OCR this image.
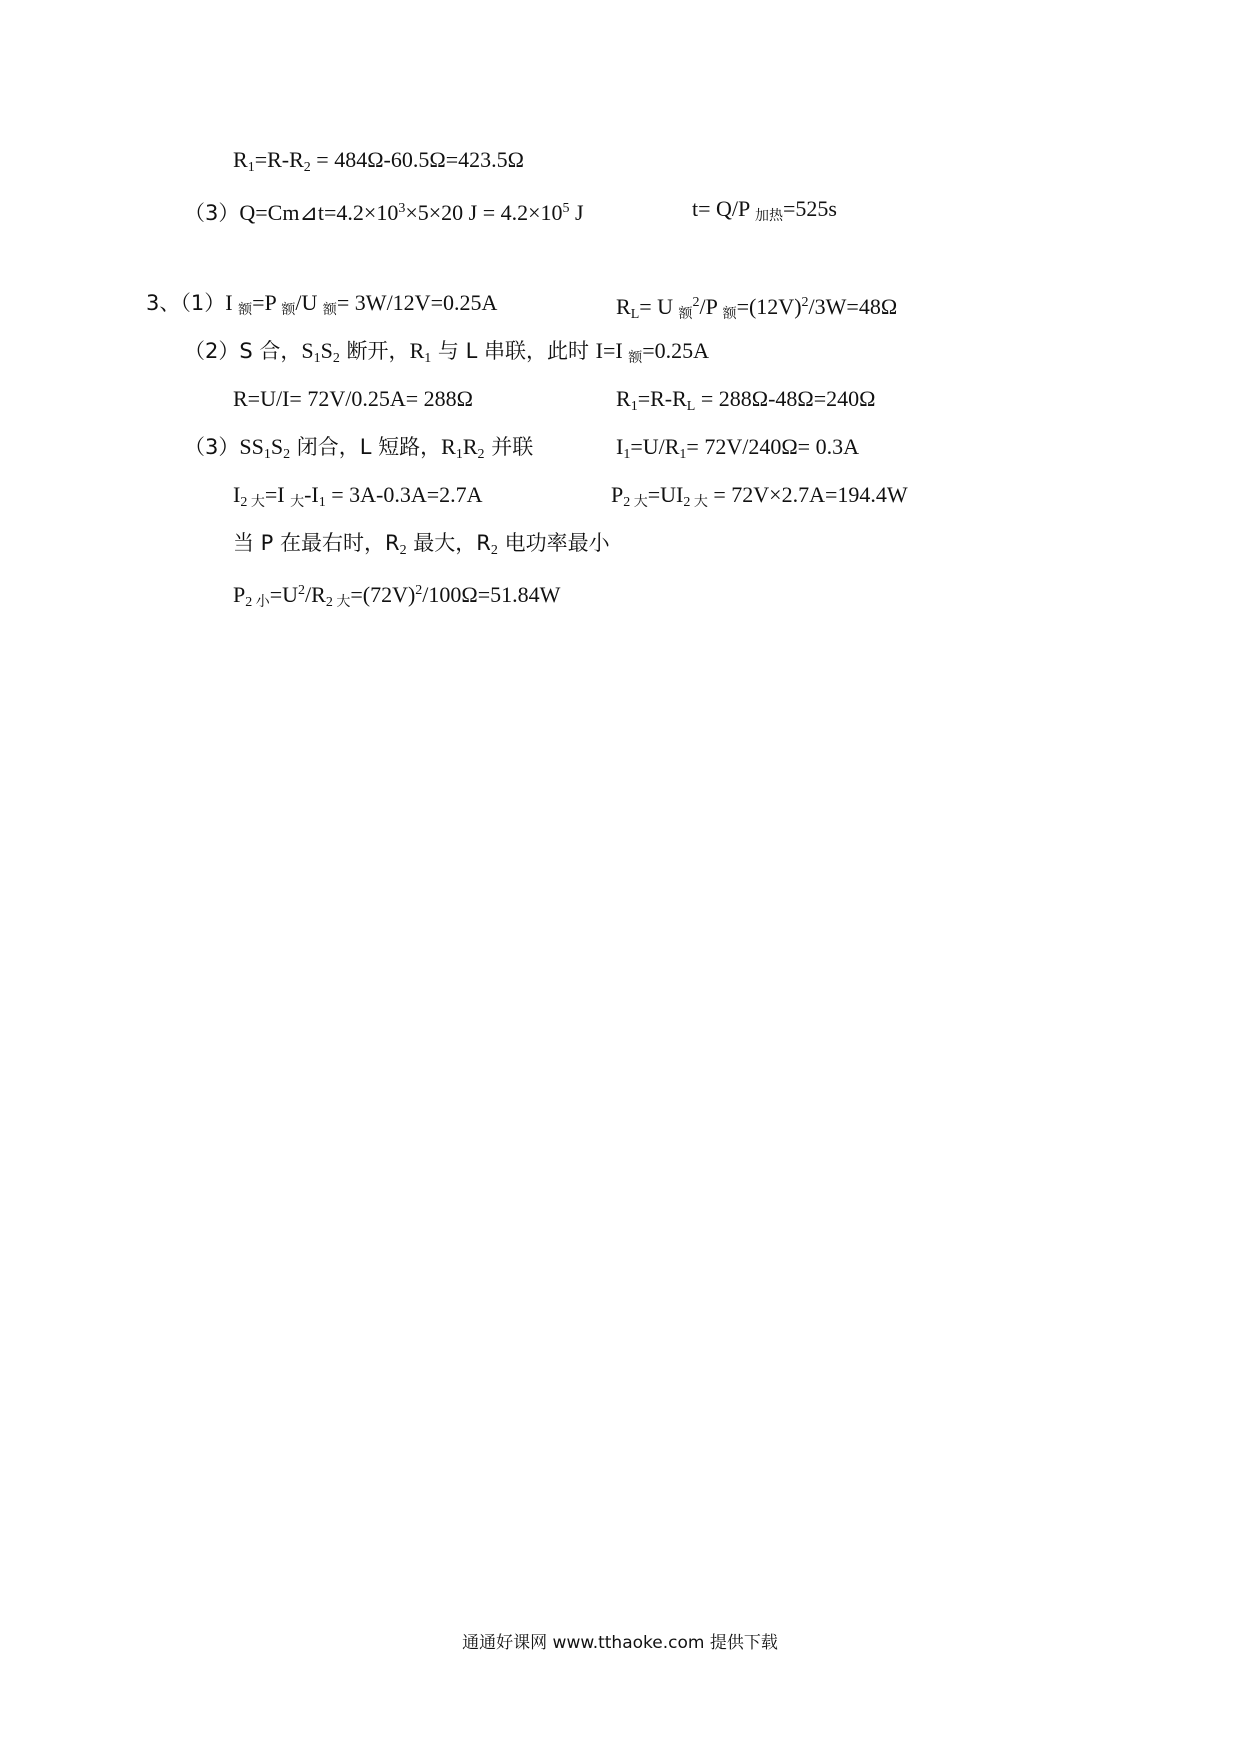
$R_1=R-R_2 = 484\Omega-60.5\Omega=423.5\Omega$
$(3)Q=Cm⊿t=4.2\times 10^3\times 5\times 20$ $J = 4.2\times 10^5$ J	t= Q/P $_{加热}$=525s
3、（1）I $_额$=P $_额$/U $_额$= 3W/12V=0.25A	$R_L= U$ $_额^2$/P $_额=(12V)^2/3W=48\Omega$
（2）S 合，$S_1S_2$ 断开，$R_1$ 与 L 串联，此时 I=I $_额$=0.25A
R=U/I= 72V/0.25A= 288Ω	$R_1=R-R_L = 288\Omega-48\Omega=240\Omega$
$(3)SS_1S_2$ 闭合，L 短路，$R_1R_2$ 并联	$I_1=U/R_1= 72V/240\Omega= 0.3A$
$I_{2 大}=I$ $_大-I_1 = 3A-0.3A=2.7A$	$P_{2 大}=UI_{2 大} = 72V\times 2.7A=194.4W$
当 P 在最右时，$R_2$ 最大，$R_2$ 电功率最小
$P_{2 小}=U^2/R_{2 大}=(72V)^2/100\Omega=51.84W$
通通好课网 www.tthaoke.com 提供下载
